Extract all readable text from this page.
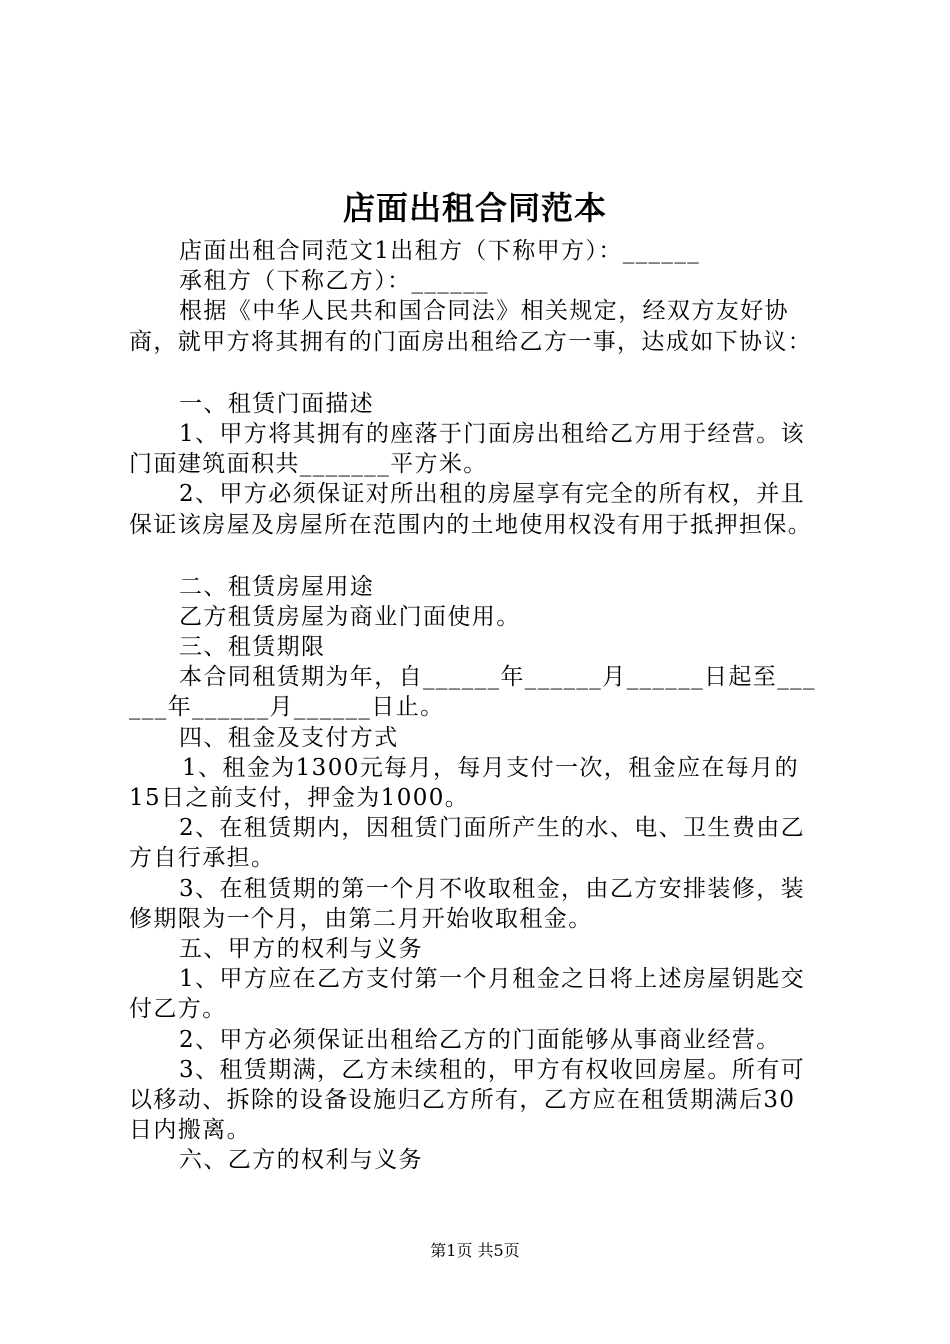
店面出租合同范本
店面出租合同范文1出租方（下称甲方）：______
承租方（下称乙方）：______
根据《中华人民共和国合同法》相关规定，经双方友好协
商，就甲方将其拥有的门面房出租给乙方一事，达成如下协议：
一、租赁门面描述
1、甲方将其拥有的座落于门面房出租给乙方用于经营。该
门面建筑面积共_______平方米。
2、甲方必须保证对所出租的房屋享有完全的所有权，并且
保证该房屋及房屋所在范围内的土地使用权没有用于抵押担保。
二、租赁房屋用途
乙方租赁房屋为商业门面使用。
三、租赁期限
本合同租赁期为年，自______年______月______日起至___
___年______月______日止。
四、租金及支付方式
1、租金为1300元每月，每月支付一次，租金应在每月的
15日之前支付，押金为1000。
2、在租赁期内，因租赁门面所产生的水、电、卫生费由乙
方自行承担。
3、在租赁期的第一个月不收取租金，由乙方安排装修，装
修期限为一个月，由第二月开始收取租金。
五、甲方的权利与义务
1、甲方应在乙方支付第一个月租金之日将上述房屋钥匙交
付乙方。
2、甲方必须保证出租给乙方的门面能够从事商业经营。
3、租赁期满，乙方未续租的，甲方有权收回房屋。所有可
以移动、拆除的设备设施归乙方所有，乙方应在租赁期满后30
日内搬离。
六、乙方的权利与义务
第1页 共5页
